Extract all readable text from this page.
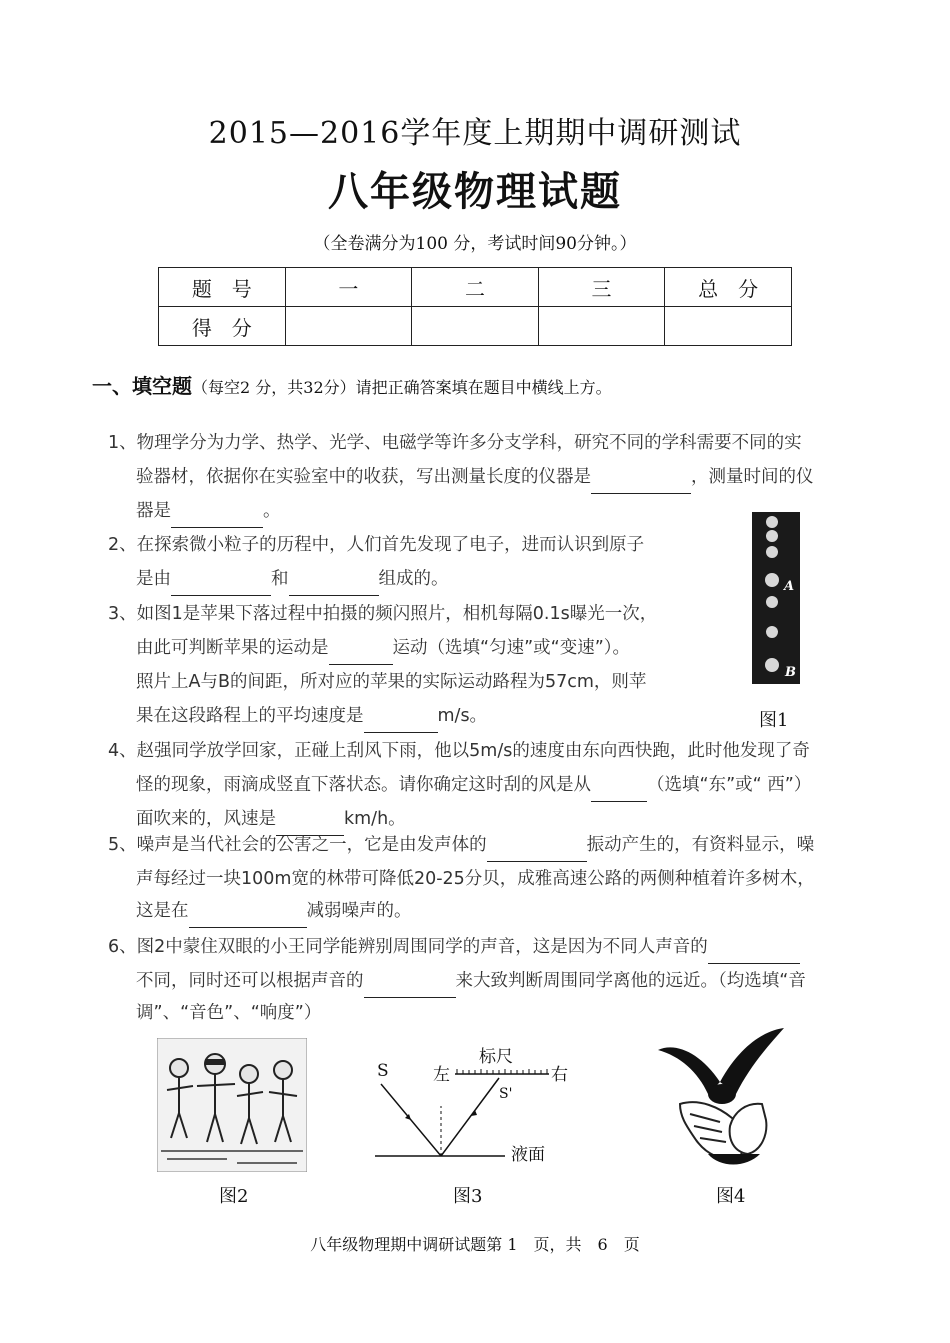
2015—2016学年度上期期中调研测试
八年级物理试题
（全卷满分为100 分，考试时间90分钟。）
题　号	一	二	三	总　分
得　分				
一、填空题（每空2 分，共32分）请把正确答案填在题目中横线上方。
1、物理学分为力学、热学、光学、电磁学等许多分支学科，研究不同的学科需要不同的实
验器材，依据你在实验室中的收获，写出测量长度的仪器是	，测量时间的仪
器是	。
2、在探索微小粒子的历程中，人们首先发现了电子，进而认识到原子
是由	和	组成的。
3、如图1是苹果下落过程中拍摄的频闪照片，相机每隔0.1s曝光一次，
由此可判断苹果的运动是	运动（选填“匀速”或“变速”）。
照片上A与B的间距，所对应的苹果的实际运动路程为57cm，则苹
果在这段路程上的平均速度是	m/s。
A
B
图1
4、赵强同学放学回家，正碰上刮风下雨，他以5m/s的速度由东向西快跑，此时他发现了奇
怪的现象，雨滴成竖直下落状态。请你确定这时刮的风是从	（选填“东”或“ 西”）
面吹来的，风速是	km/h。
5、噪声是当代社会的公害之一，它是由发声体的	振动产生的，有资料显示，噪
声每经过一块100m宽的林带可降低20-25分贝，成雅高速公路的两侧种植着许多树木，
这是在	减弱噪声的。
6、图2中蒙住双眼的小王同学能辨别周围同学的声音，这是因为不同人声音的
不同，同时还可以根据声音的	来大致判断周围同学离他的远近。（均选填“音
调”、“音色”、“响度”）
图2
标尺
左	右
S
S'
液面
图3	图4
八年级物理期中调研试题第 1　页，共　6　页
